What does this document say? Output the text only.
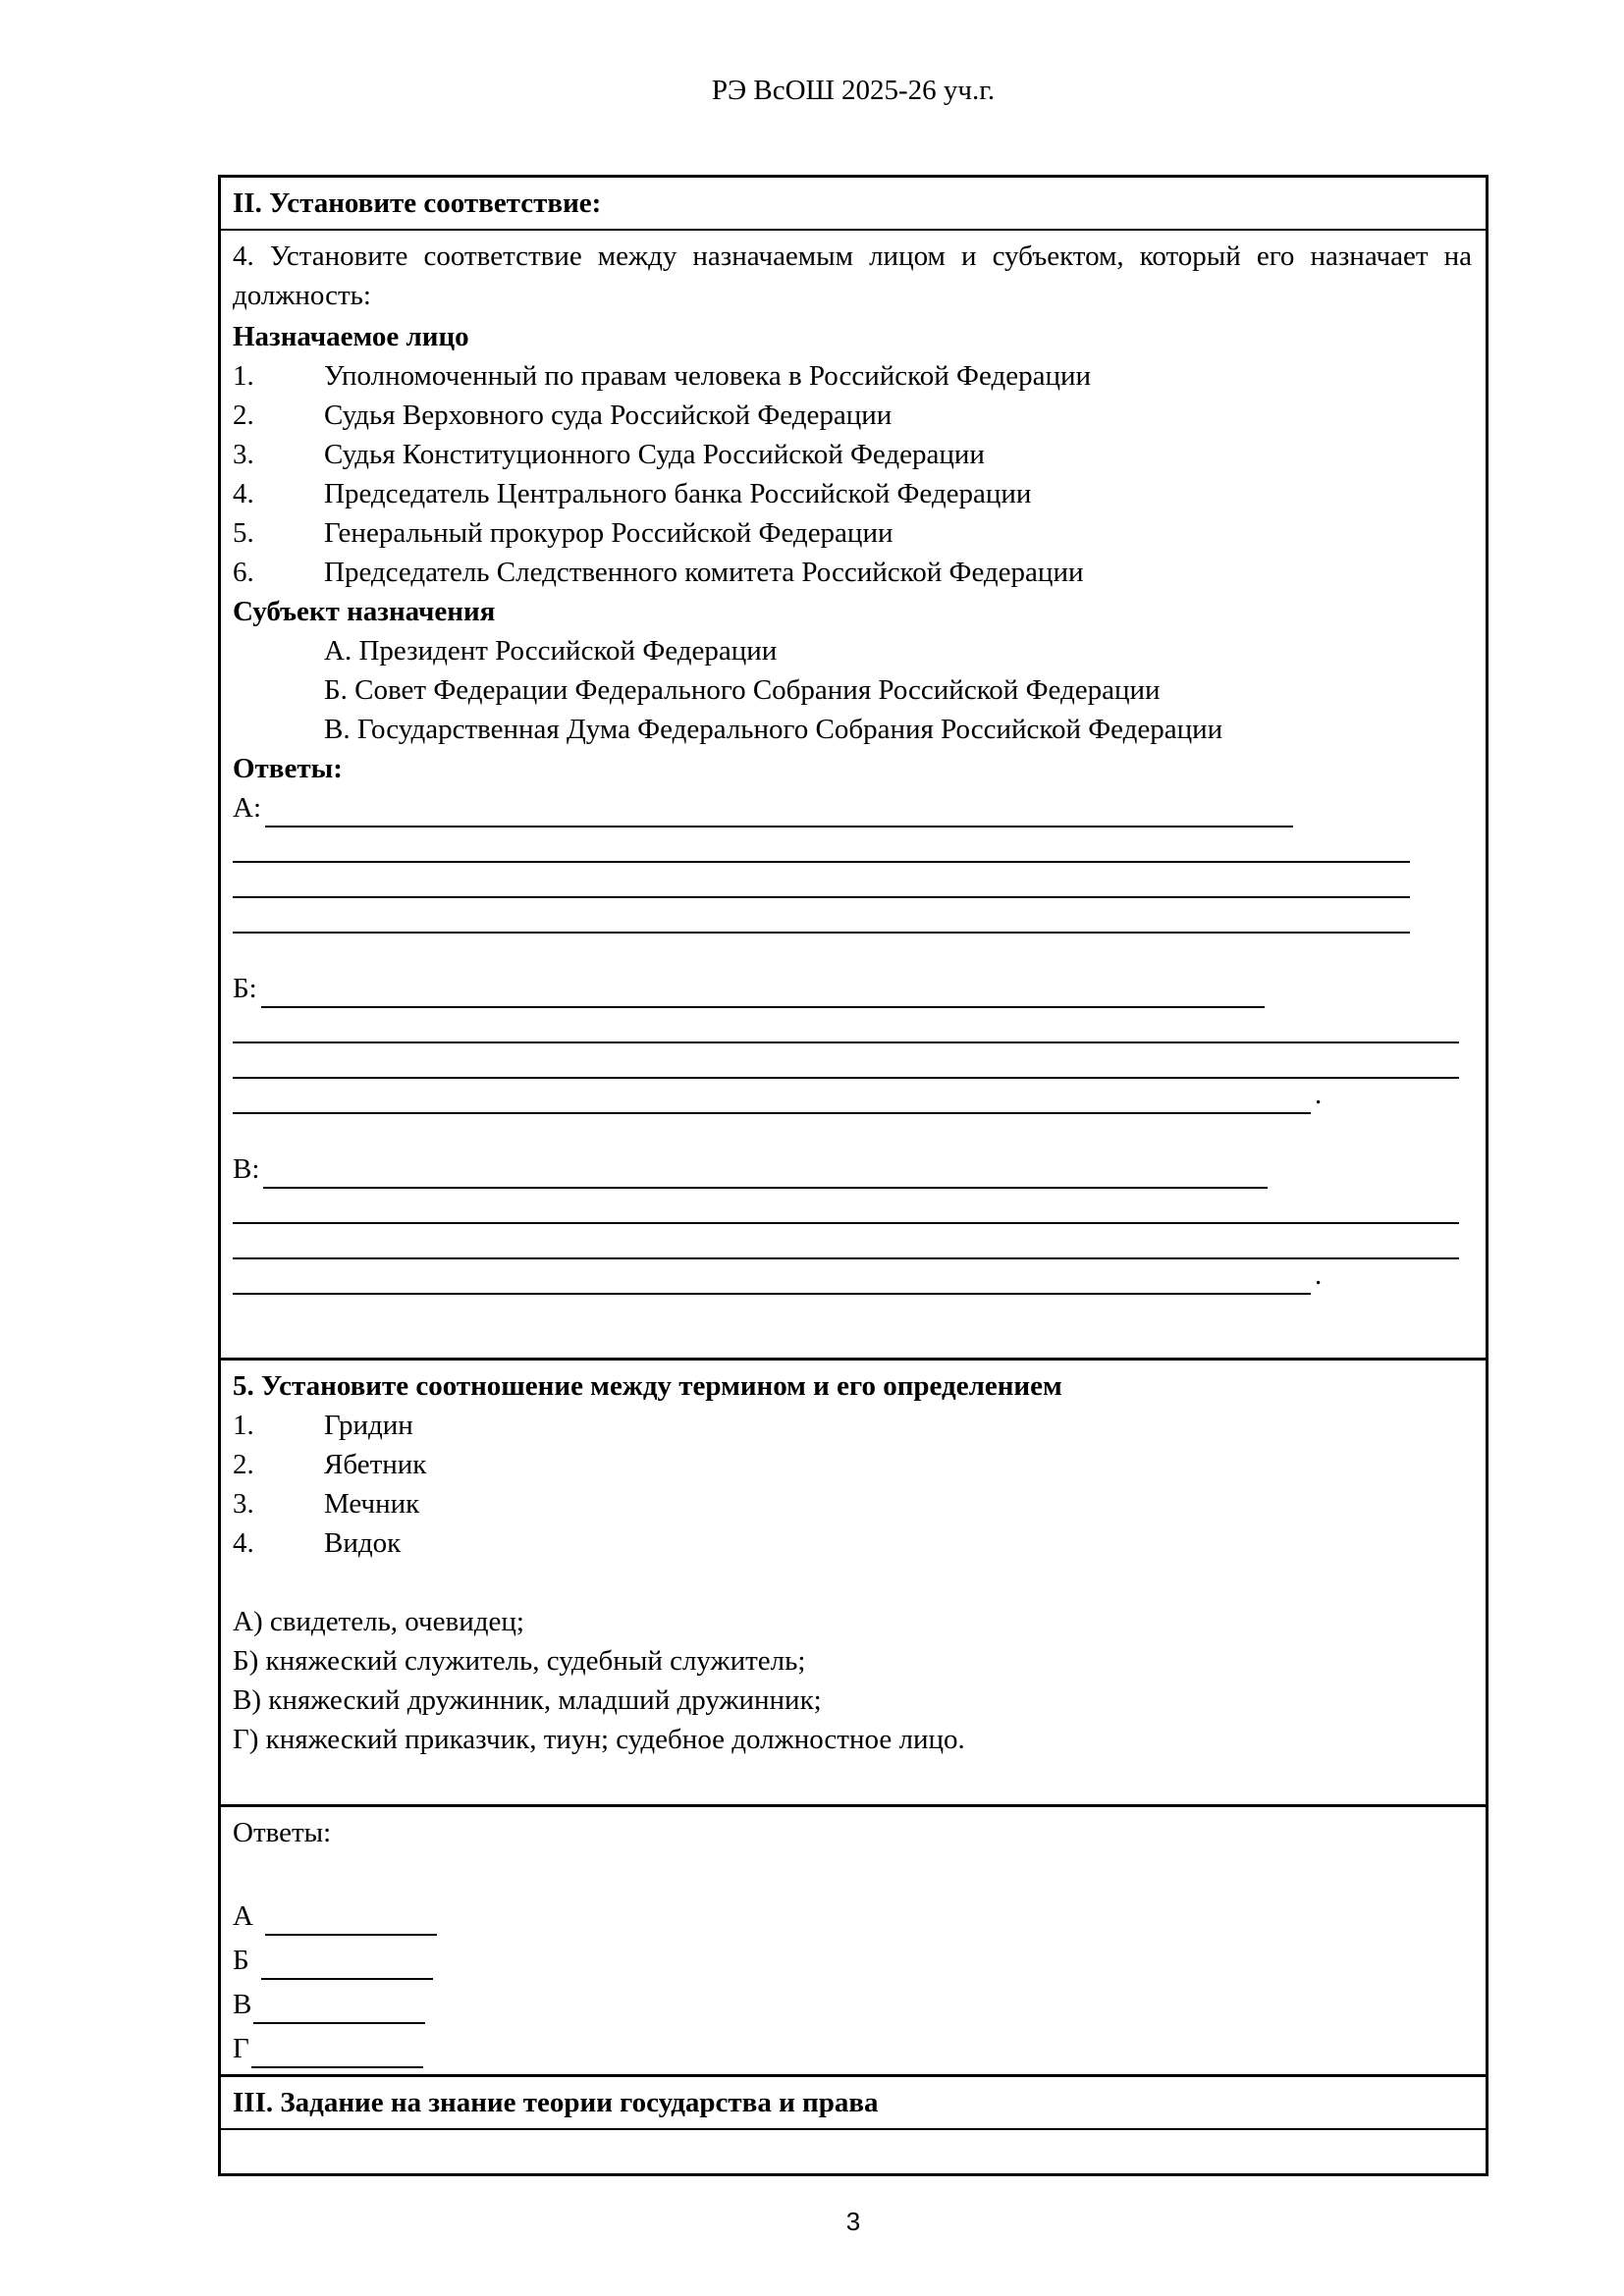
РЭ ВсОШ 2025-26 уч.г.
II. Установите соответствие:
4. Установите соответствие между назначаемым лицом и субъектом, который его назначает на должность:
Назначаемое лицо
1.	Уполномоченный по правам человека в Российской Федерации
2.	Судья Верховного суда Российской Федерации
3.	Судья Конституционного Суда Российской Федерации
4.	Председатель Центрального банка Российской Федерации
5.	Генеральный прокурор Российской Федерации
6.	Председатель Следственного комитета Российской Федерации
Субъект назначения
А. Президент Российской Федерации
Б. Совет Федерации Федерального Собрания Российской Федерации
В. Государственная Дума Федерального Собрания Российской Федерации
Ответы:
А:
Б:
.
В:
.
5. Установите соотношение между термином и его определением
1.	Гридин
2.	Ябетник
3.	Мечник
4.	Видок
А) свидетель, очевидец;
Б) княжеский служитель, судебный служитель;
В) княжеский дружинник, младший дружинник;
Г) княжеский приказчик, тиун; судебное должностное лицо.
Ответы:
А
Б
В
Г
III. Задание на знание теории государства и права
3
